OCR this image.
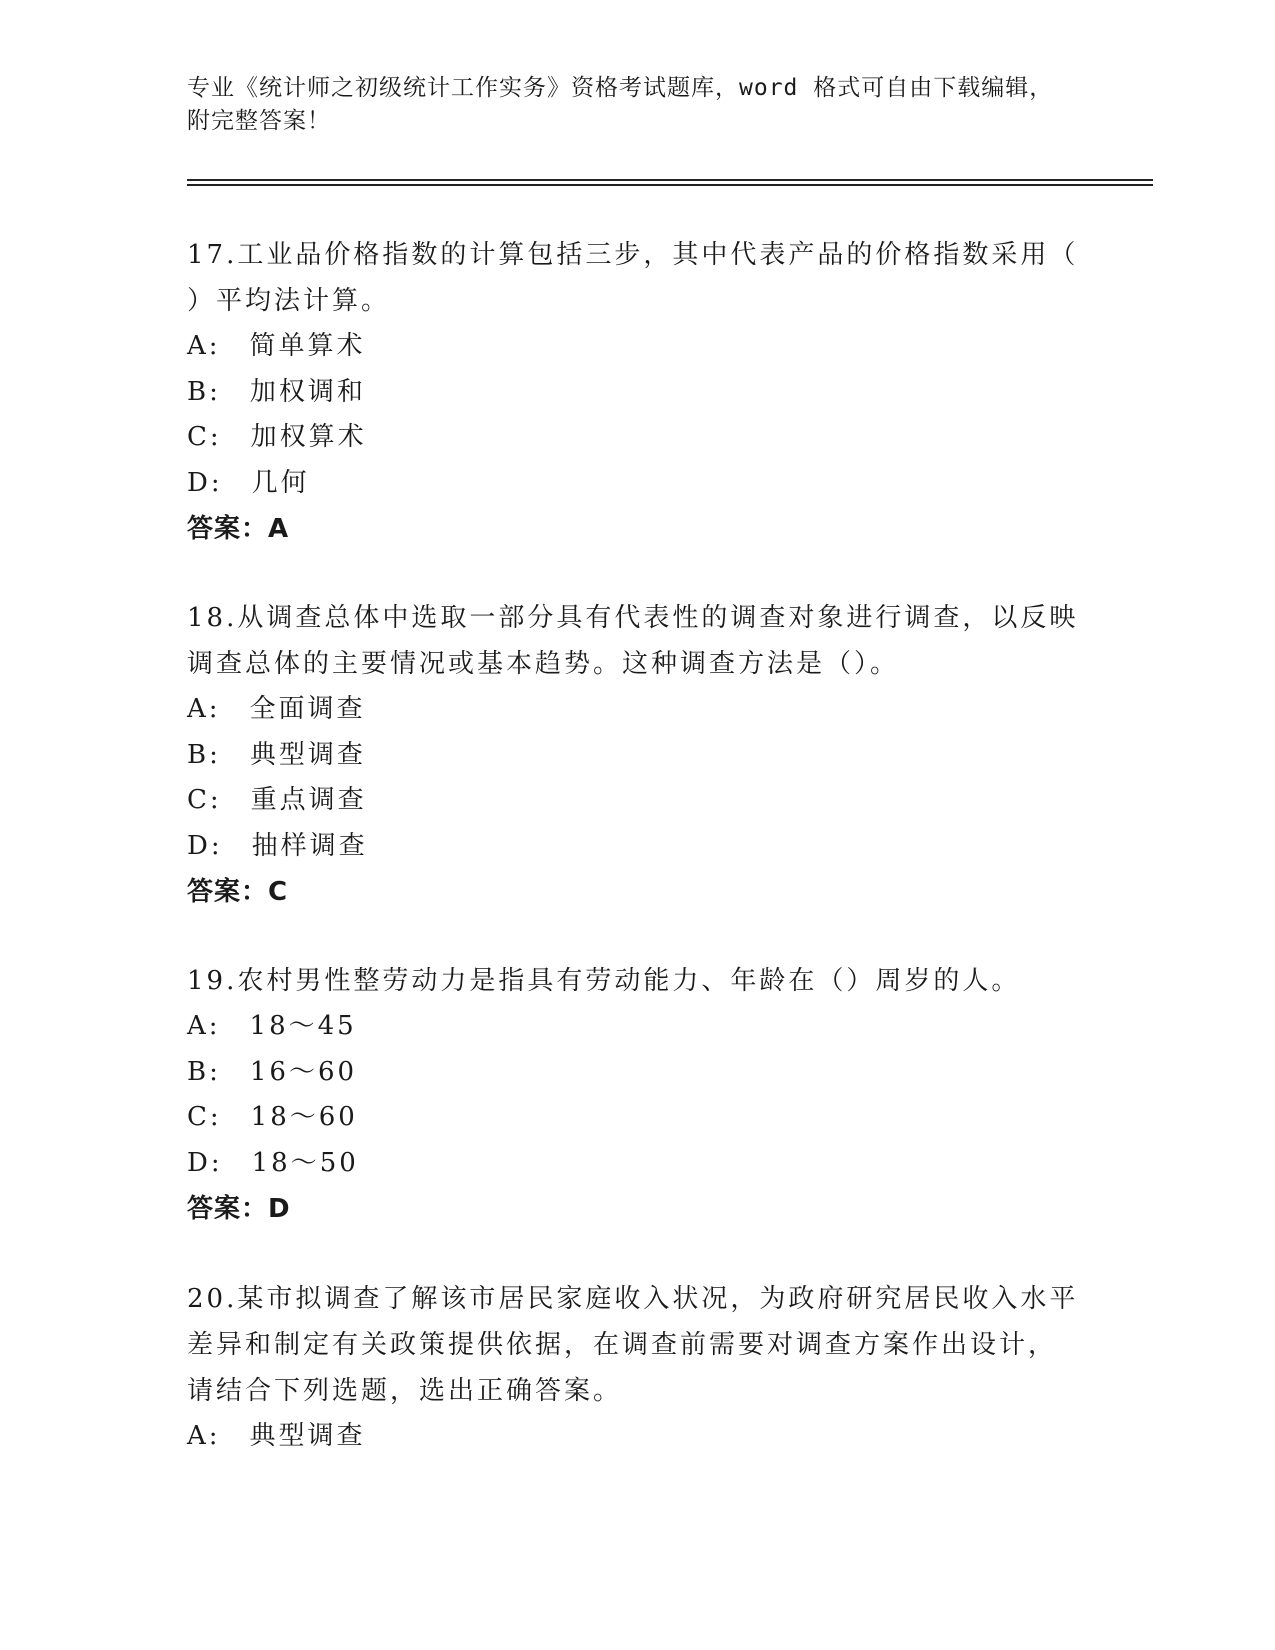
专业《统计师之初级统计工作实务》资格考试题库，word 格式可自由下载编辑，
附完整答案！
17.工业品价格指数的计算包括三步，其中代表产品的价格指数采用（
）平均法计算。
A:　简单算术
B:　加权调和
C:　加权算术
D:　几何
答案：A
18.从调查总体中选取一部分具有代表性的调查对象进行调查，以反映
调查总体的主要情况或基本趋势。这种调查方法是（）。
A:　全面调查
B:　典型调查
C:　重点调查
D:　抽样调查
答案：C
19.农村男性整劳动力是指具有劳动能力、年龄在（）周岁的人。
A:　18～45
B:　16～60
C:　18～60
D:　18～50
答案：D
20.某市拟调查了解该市居民家庭收入状况，为政府研究居民收入水平
差异和制定有关政策提供依据，在调查前需要对调查方案作出设计，
请结合下列选题，选出正确答案。
A:　典型调查
